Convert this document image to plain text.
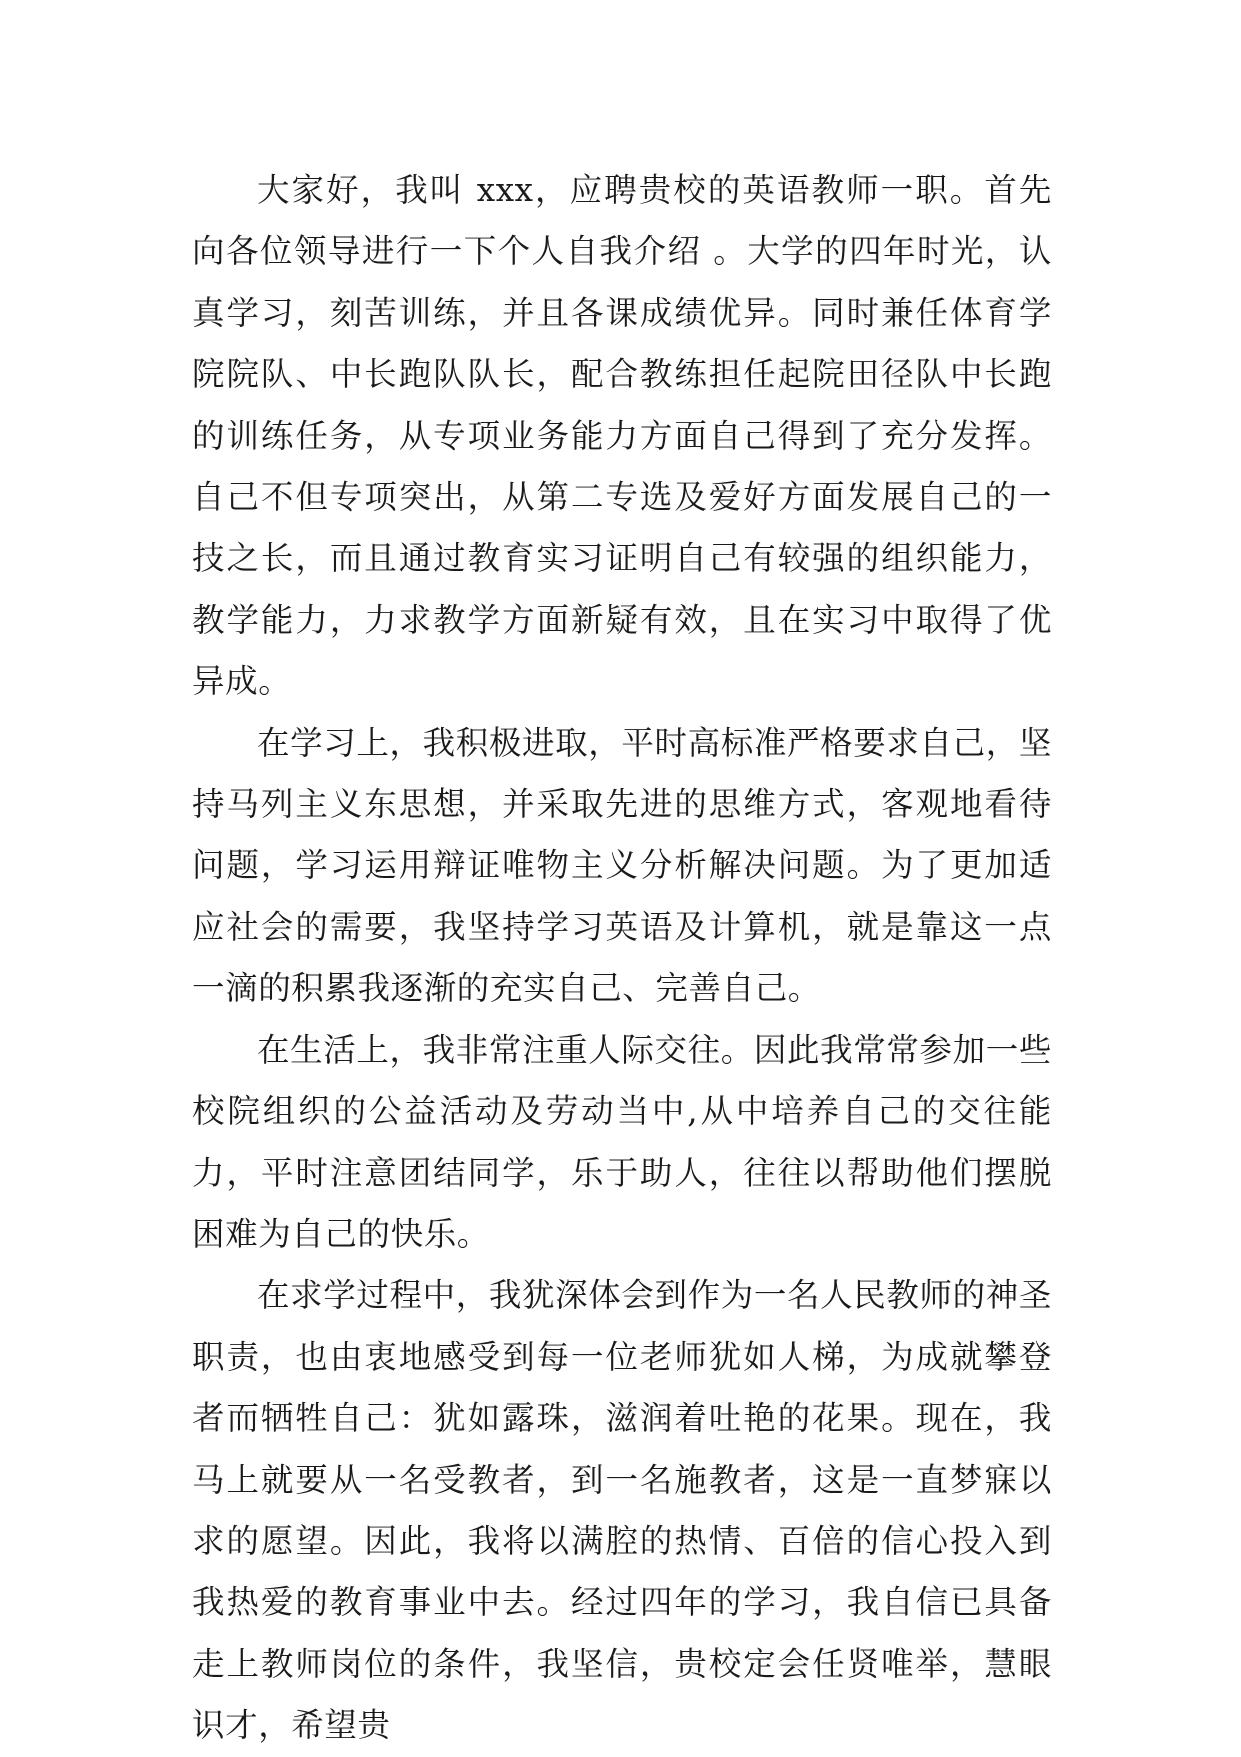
大家好，我叫 xxx，应聘贵校的英语教师一职。首先向各位领导进行一下个人自我介绍 。大学的四年时光，认真学习，刻苦训练，并且各课成绩优异。同时兼任体育学院院队、中长跑队队长，配合教练担任起院田径队中长跑的训练任务，从专项业务能力方面自己得到了充分发挥。自己不但专项突出，从第二专选及爱好方面发展自己的一技之长，而且通过教育实习证明自己有较强的组织能力，教学能力，力求教学方面新疑有效，且在实习中取得了优异成。

在学习上，我积极进取，平时高标准严格要求自己，坚持马列主义东思想，并采取先进的思维方式，客观地看待问题，学习运用辩证唯物主义分析解决问题。为了更加适应社会的需要，我坚持学习英语及计算机，就是靠这一点一滴的积累我逐渐的充实自己、完善自己。

在生活上，我非常注重人际交往。因此我常常参加一些校院组织的公益活动及劳动当中,从中培养自己的交往能力，平时注意团结同学，乐于助人，往往以帮助他们摆脱困难为自己的快乐。

在求学过程中，我犹深体会到作为一名人民教师的神圣职责，也由衷地感受到每一位老师犹如人梯，为成就攀登者而牺牲自己：犹如露珠，滋润着吐艳的花果。现在，我马上就要从一名受教者，到一名施教者，这是一直梦寐以求的愿望。因此，我将以满腔的热情、百倍的信心投入到我热爱的教育事业中去。经过四年的学习，我自信已具备走上教师岗位的条件，我坚信，贵校定会任贤唯举，慧眼识才，希望贵
